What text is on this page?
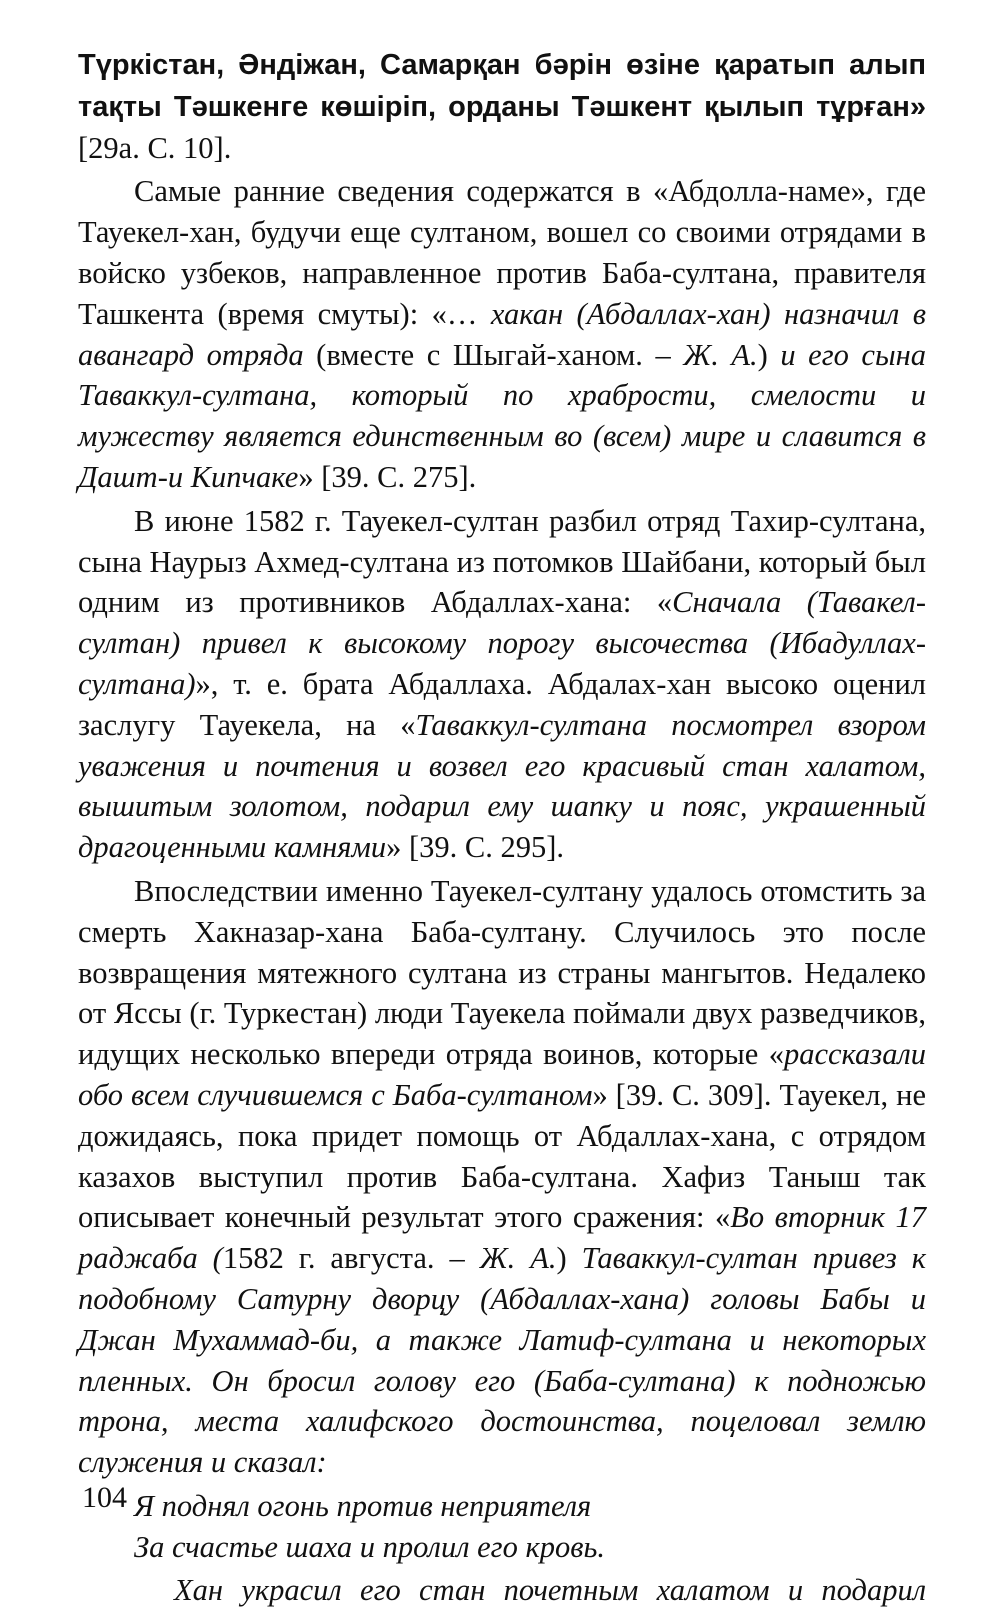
Түркістан, Әндіжан, Самарқан бәрін өзіне қаратып алып тақты Тәшкенге көшіріп, орданы Тәшкент қылып тұрған» [29а. С. 10].

Самые ранние сведения содержатся в «Абдолла-наме», где Тауекел-хан, будучи еще султаном, вошел со своими отрядами в войско узбеков, направленное против Баба-султана, правителя Ташкента (время смуты): «… хакан (Абдаллах-хан) назначил в авангард отряда (вместе с Шыгай-ханом. – Ж. А.) и его сына Таваккул-султана, который по храбрости, смелости и мужеству является единственным во (всем) мире и славится в Дашт-и Кипчаке» [39. С. 275].

В июне 1582 г. Тауекел-султан разбил отряд Тахир-султана, сына Наурыз Ахмед-султана из потомков Шайбани, который был одним из противников Абдаллах-хана: «Сначала (Тавакел-султан) привел к высокому порогу высочества (Ибадуллах-султана)», т. е. брата Абдаллаха. Абдалах-хан высоко оценил заслугу Тауекела, на «Таваккул-султана посмотрел взором уважения и почтения и возвел его красивый стан халатом, вышитым золотом, подарил ему шапку и пояс, украшенный драгоценными камнями» [39. С. 295].

Впоследствии именно Тауекел-султану удалось отомстить за смерть Хакназар-хана Баба-султану. Случилось это после возвращения мятежного султана из страны мангытов. Недалеко от Яссы (г. Туркестан) люди Тауекела поймали двух разведчиков, идущих несколько впереди отряда воинов, которые «рассказали обо всем случившемся с Баба-султаном» [39. С. 309]. Тауекел, не дожидаясь, пока придет помощь от Абдаллах-хана, с отрядом казахов выступил против Баба-султана. Хафиз Таныш так описывает конечный результат этого сражения: «Во вторник 17 раджаба (1582 г. августа. – Ж. А.) Таваккул-султан привез к подобному Сатурну дворцу (Абдаллах-хана) головы Бабы и Джан Мухаммад-би, а также Латиф-султана и некоторых пленных. Он бросил голову его (Баба-султана) к подножью трона, места халифского достоинства, поцеловал землю служения и сказал:

Я поднял огонь против неприятеля
За счастье шаха и пролил его кровь.

Хан украсил его стан почетным халатом и подарил

104
